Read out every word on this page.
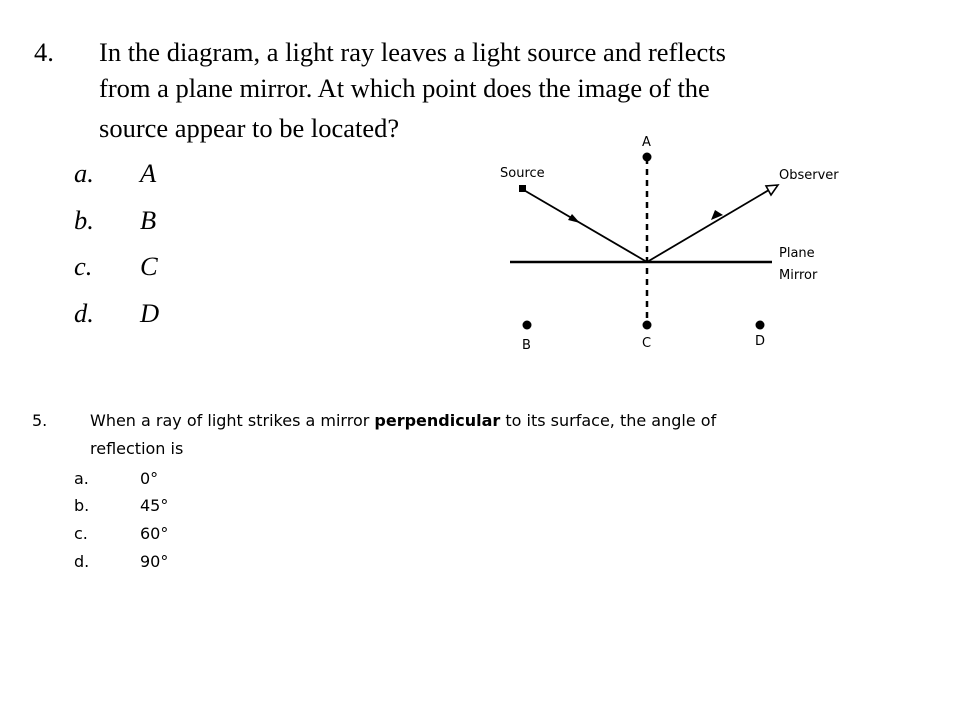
4. In the diagram, a light ray leaves a light source and reflects
from a plane mirror. At which point does the image of the
source appear to be located?
a. A
b. B
c. C
d. D
A
B	C	D
Source	Observer
Plane
Mirror
5.	When a ray of light strikes a mirror perpendicular to its surface, the angle of
reflection is
a.	0°
b.	45°
c.	60°
d.	90°
